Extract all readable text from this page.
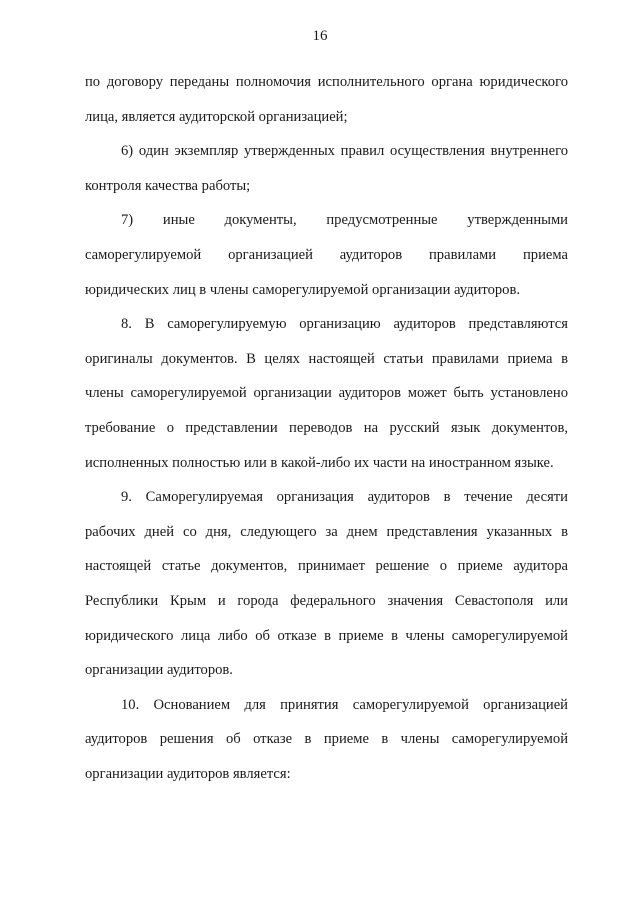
16
по договору переданы полномочия исполнительного органа юридического
лица, является аудиторской организацией;
6) один экземпляр утвержденных правил осуществления внутреннего
контроля качества работы;
7) иные документы, предусмотренные утвержденными
саморегулируемой организацией аудиторов правилами приема
юридических лиц в члены саморегулируемой организации аудиторов.
8. В саморегулируемую организацию аудиторов представляются
оригиналы документов. В целях настоящей статьи правилами приема в
члены саморегулируемой организации аудиторов может быть установлено
требование о представлении переводов на русский язык документов,
исполненных полностью или в какой-либо их части на иностранном языке.
9. Саморегулируемая организация аудиторов в течение десяти
рабочих дней со дня, следующего за днем представления указанных в
настоящей статье документов, принимает решение о приеме аудитора
Республики Крым и города федерального значения Севастополя или
юридического лица либо об отказе в приеме в члены саморегулируемой
организации аудиторов.
10. Основанием для принятия саморегулируемой организацией
аудиторов решения об отказе в приеме в члены саморегулируемой
организации аудиторов является:
